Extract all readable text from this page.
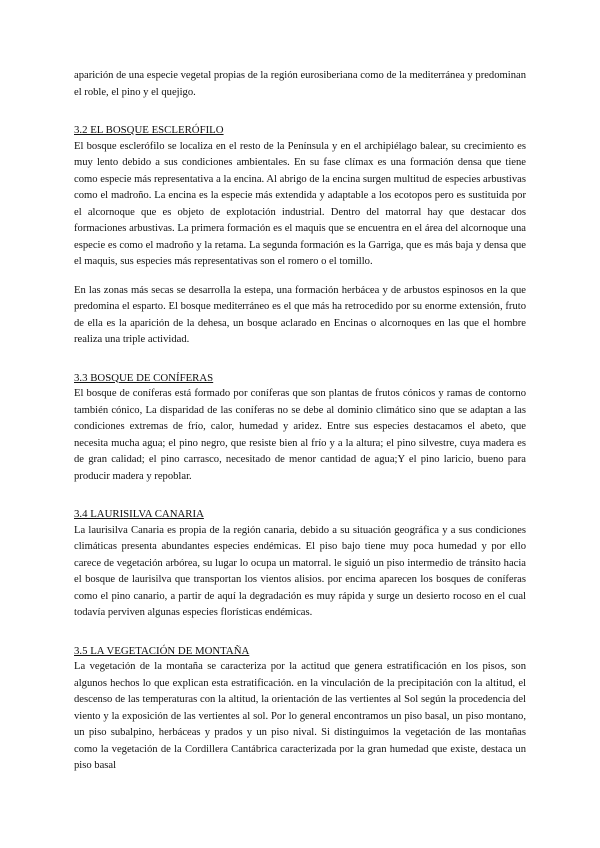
aparición de una especie vegetal propias de la región eurosiberiana como de la mediterránea y predominan el roble, el pino y el quejigo.

3.2 EL BOSQUE ESCLERÓFILO

El bosque esclerófilo se localiza en el resto de la Península y en el archipiélago balear, su crecimiento es muy lento debido a sus condiciones ambientales. En su fase clímax es una formación densa que tiene como especie más representativa a la encina. Al abrigo de la encina surgen multitud de especies arbustivas como el madroño. La encina es la especie más extendida y adaptable a los ecotopos pero es sustituida por el alcornoque que es objeto de explotación industrial. Dentro del matorral hay que destacar dos formaciones arbustivas. La primera formación es el maquis que se encuentra en el área del alcornoque una especie es como el madroño y la retama. La segunda formación es la Garriga, que es más baja y densa que el maquis, sus especies más representativas son el romero o el tomillo.

En las zonas más secas se desarrolla la estepa, una formación herbácea y de arbustos espinosos en la que predomina el esparto. El bosque mediterráneo es el que más ha retrocedido por su enorme extensión, fruto de ella es la aparición de la dehesa, un bosque aclarado en Encinas o alcornoques en las que el hombre realiza una triple actividad.

3.3 BOSQUE DE CONÍFERAS

El bosque de coníferas está formado por coníferas que son plantas de frutos cónicos y ramas de contorno también cónico, La disparidad de las coníferas no se debe al dominio climático sino que se adaptan a las condiciones extremas de frío, calor, humedad y aridez. Entre sus especies destacamos el abeto, que necesita mucha agua; el pino negro, que resiste bien al frío y a la altura; el pino silvestre, cuya madera es de gran calidad; el pino carrasco, necesitado de menor cantidad de agua;Y el pino laricio, bueno para producir madera y repoblar.

3.4 LAURISILVA CANARIA

La laurisilva Canaria es propia de la región canaria, debido a su situación geográfica y a sus condiciones climáticas presenta abundantes especies endémicas. El piso bajo tiene muy poca humedad y por ello carece de vegetación arbórea, su lugar lo ocupa un matorral. le siguió un piso intermedio de tránsito hacia el bosque de laurisilva que transportan los vientos alisios. por encima aparecen los bosques de coníferas como el pino canario, a partir de aquí la degradación es muy rápida y surge un desierto rocoso en el cual todavía perviven algunas especies florísticas endémicas.

3.5 LA VEGETACIÓN DE MONTAÑA

La vegetación de la montaña se caracteriza por la actitud que genera estratificación en los pisos, son algunos hechos lo que explican esta estratificación. en la vinculación de la precipitación con la altitud, el descenso de las temperaturas con la altitud, la orientación de las vertientes al Sol según la procedencia del viento y la exposición de las vertientes al sol. Por lo general encontramos un piso basal, un piso montano, un piso subalpino, herbáceas y prados y un piso nival. Si distinguimos la vegetación de las montañas como la vegetación de la Cordillera Cantábrica caracterizada por la gran humedad que existe, destaca un piso basal
